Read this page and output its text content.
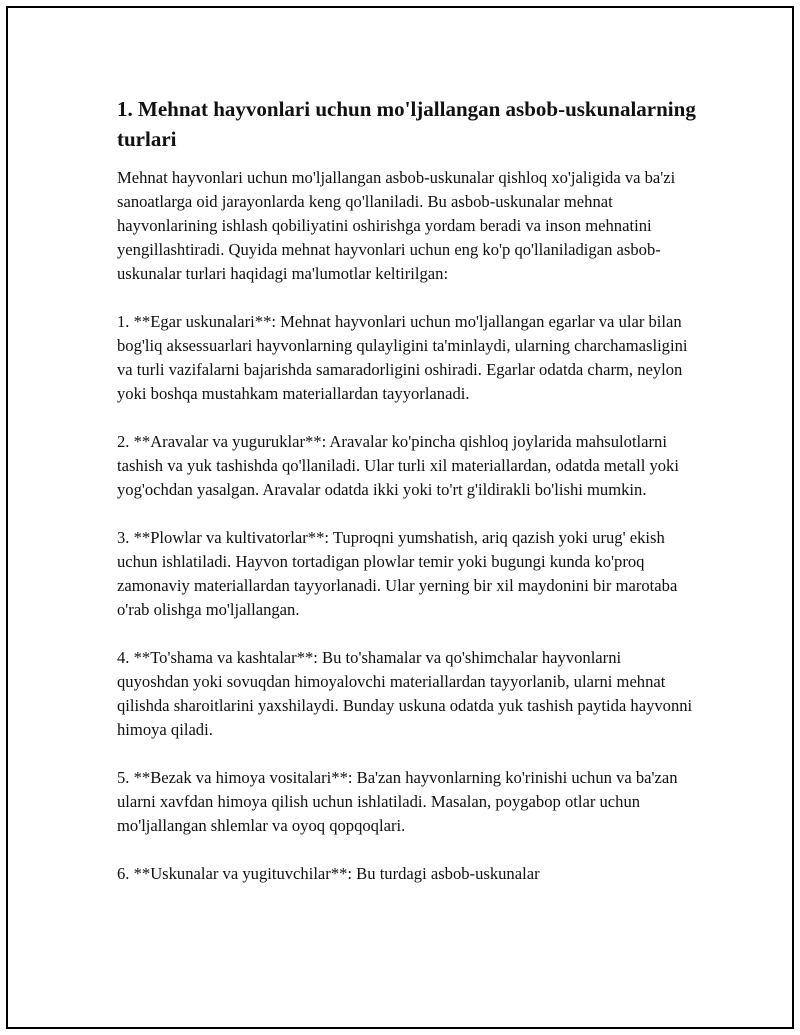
1. Mehnat hayvonlari uchun mo'ljallangan asbob-uskunalarning turlari

Mehnat hayvonlari uchun mo'ljallangan asbob-uskunalar qishloq xo'jaligida va ba'zi sanoatlarga oid jarayonlarda keng qo'llaniladi. Bu asbob-uskunalar mehnat hayvonlarining ishlash qobiliyatini oshirishga yordam beradi va inson mehnatini yengillashtiradi. Quyida mehnat hayvonlari uchun eng ko'p qo'llaniladigan asbob-uskunalar turlari haqidagi ma'lumotlar keltirilgan:

1. **Egar uskunalari**: Mehnat hayvonlari uchun mo'ljallangan egarlar va ular bilan bog'liq aksessuarlari hayvonlarning qulayligini ta'minlaydi, ularning charchamasligini va turli vazifalarni bajarishda samaradorligini oshiradi. Egarlar odatda charm, neylon yoki boshqa mustahkam materiallardan tayyorlanadi.

2. **Aravalar va yuguruklar**: Aravalar ko'pincha qishloq joylarida mahsulotlarni tashish va yuk tashishda qo'llaniladi. Ular turli xil materiallardan, odatda metall yoki yog'ochdan yasalgan. Aravalar odatda ikki yoki to'rt g'ildirakli bo'lishi mumkin.

3. **Plowlar va kultivatorlar**: Tuproqni yumshatish, ariq qazish yoki urug' ekish uchun ishlatiladi. Hayvon tortadigan plowlar temir yoki bugungi kunda ko'proq zamonaviy materiallardan tayyorlanadi. Ular yerning bir xil maydonini bir marotaba o'rab olishga mo'ljallangan.

4. **To'shama va kashtalar**: Bu to'shamalar va qo'shimchalar hayvonlarni quyoshdan yoki sovuqdan himoyalovchi materiallardan tayyorlanib, ularni mehnat qilishda sharoitlarini yaxshilaydi. Bunday uskuna odatda yuk tashish paytida hayvonni himoya qiladi.

5. **Bezak va himoya vositalari**: Ba'zan hayvonlarning ko'rinishi uchun va ba'zan ularni xavfdan himoya qilish uchun ishlatiladi. Masalan, poygabop otlar uchun mo'ljallangan shlemlar va oyoq qopqoqlari.

6. **Uskunalar va yugituvchilar**: Bu turdagi asbob-uskunalar
